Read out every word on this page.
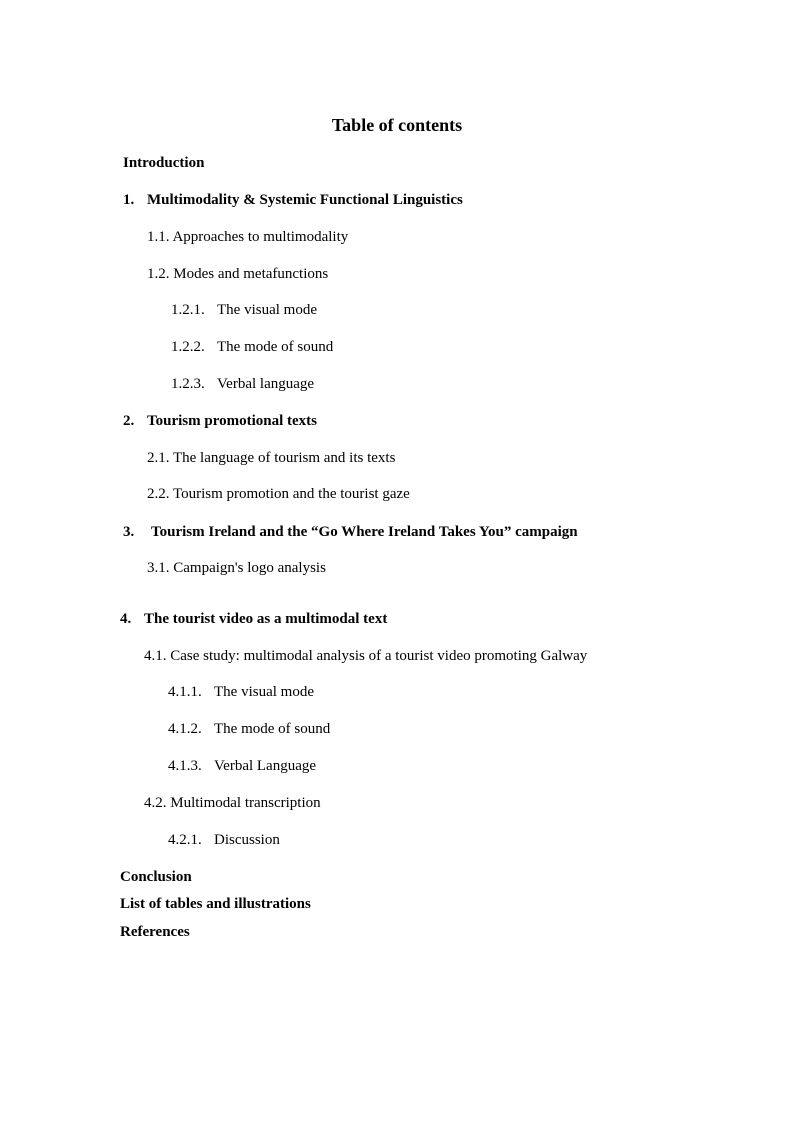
Table of contents
Introduction
1. Multimodality & Systemic Functional Linguistics
1.1. Approaches to multimodality
1.2. Modes and metafunctions
1.2.1. The visual mode
1.2.2. The mode of sound
1.2.3. Verbal language
2. Tourism promotional texts
2.1. The language of tourism and its texts
2.2. Tourism promotion and the tourist gaze
3. Tourism Ireland and the “Go Where Ireland Takes You” campaign
3.1. Campaign's logo analysis
4. The tourist video as a multimodal text
4.1. Case study: multimodal analysis of a tourist video promoting Galway
4.1.1. The visual mode
4.1.2. The mode of sound
4.1.3. Verbal Language
4.2. Multimodal transcription
4.2.1. Discussion
Conclusion
List of tables and illustrations
References
